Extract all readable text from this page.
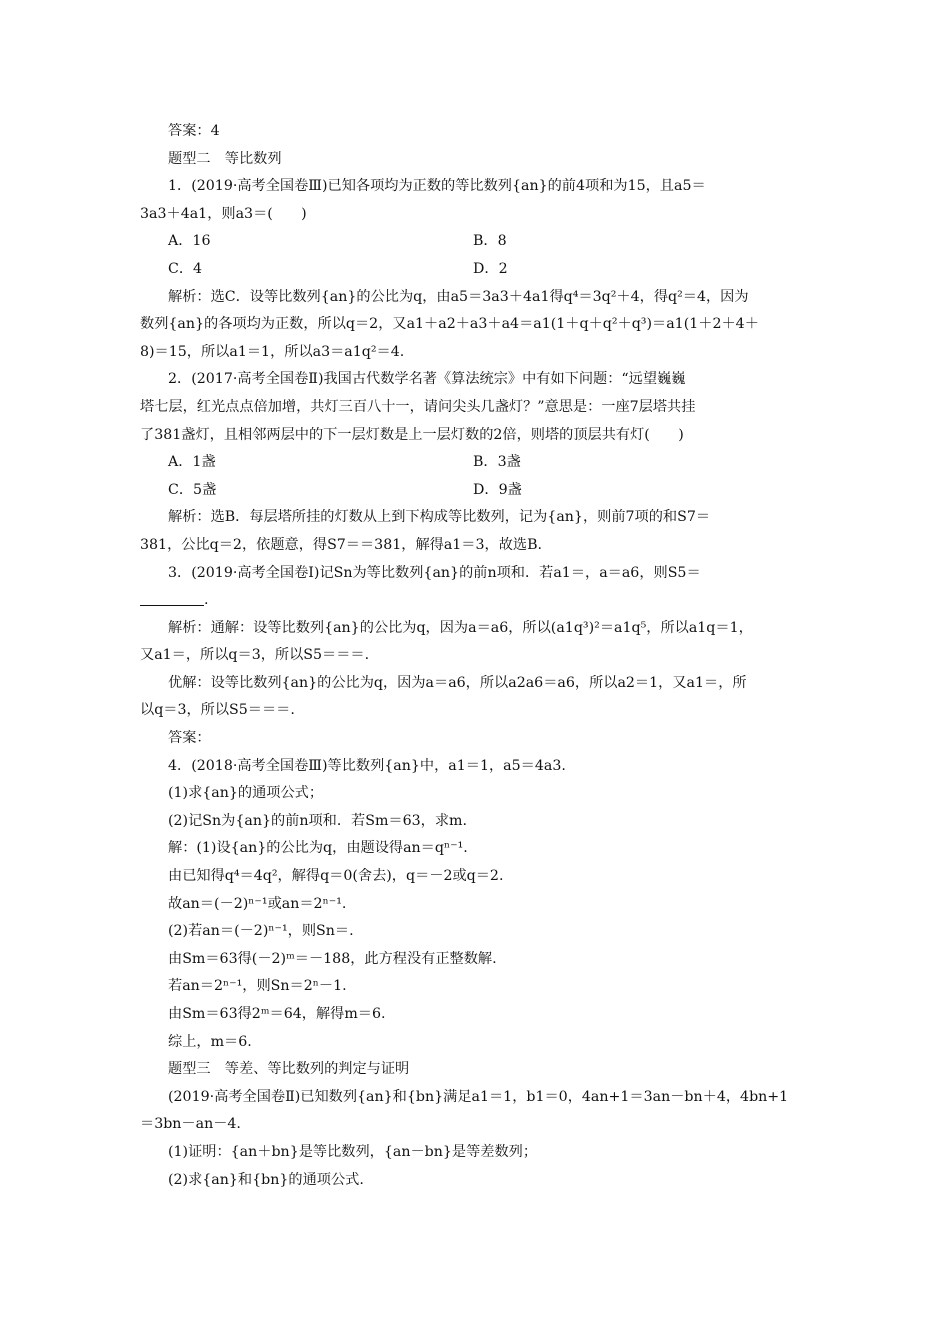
答案：4

题型二　等比数列

1．(2019·高考全国卷Ⅲ)已知各项均为正数的等比数列{an}的前4项和为15，且a5＝

3a3＋4a1，则a3＝(　　)

A．16	B．8
C．4	D．2

解析：选C．设等比数列{an}的公比为q，由a5＝3a3＋4a1得q⁴＝3q²＋4，得q²＝4，因为

数列{an}的各项均为正数，所以q＝2，又a1＋a2＋a3＋a4＝a1(1＋q＋q²＋q³)＝a1(1＋2＋4＋

8)＝15，所以a1＝1，所以a3＝a1q²＝4.

2．(2017·高考全国卷Ⅱ)我国古代数学名著《算法统宗》中有如下问题：“远望巍巍

塔七层，红光点点倍加增，共灯三百八十一，请问尖头几盏灯？”意思是：一座7层塔共挂

了381盏灯，且相邻两层中的下一层灯数是上一层灯数的2倍，则塔的顶层共有灯(　　)

A．1盏	B．3盏
C．5盏	D．9盏

解析：选B．每层塔所挂的灯数从上到下构成等比数列，记为{an}，则前7项的和S7＝

381，公比q＝2，依题意，得S7＝＝381，解得a1＝3，故选B.

3．(2019·高考全国卷Ⅰ)记Sn为等比数列{an}的前n项和．若a1＝，a＝a6，则S5＝

.

解析：通解：设等比数列{an}的公比为q，因为a＝a6，所以(a1q³)²＝a1q⁵，所以a1q＝1，

又a1＝，所以q＝3，所以S5＝＝＝.

优解：设等比数列{an}的公比为q，因为a＝a6，所以a2a6＝a6，所以a2＝1，又a1＝，所

以q＝3，所以S5＝＝＝.

答案：

4．(2018·高考全国卷Ⅲ)等比数列{an}中，a1＝1，a5＝4a3.

(1)求{an}的通项公式；

(2)记Sn为{an}的前n项和．若Sm＝63，求m.

解：(1)设{an}的公比为q，由题设得an＝qⁿ⁻¹.

由已知得q⁴＝4q²，解得q＝0(舍去)，q＝－2或q＝2.

故an＝(－2)ⁿ⁻¹或an＝2ⁿ⁻¹.

(2)若an＝(－2)ⁿ⁻¹，则Sn＝.

由Sm＝63得(－2)ᵐ＝－188，此方程没有正整数解.

若an＝2ⁿ⁻¹，则Sn＝2ⁿ－1.

由Sm＝63得2ᵐ＝64，解得m＝6.

综上，m＝6.

题型三　等差、等比数列的判定与证明

(2019·高考全国卷Ⅱ)已知数列{an}和{bn}满足a1＝1，b1＝0，4an+1＝3an－bn＋4，4bn+1

＝3bn－an－4.

(1)证明：{an＋bn}是等比数列，{an－bn}是等差数列；

(2)求{an}和{bn}的通项公式.
